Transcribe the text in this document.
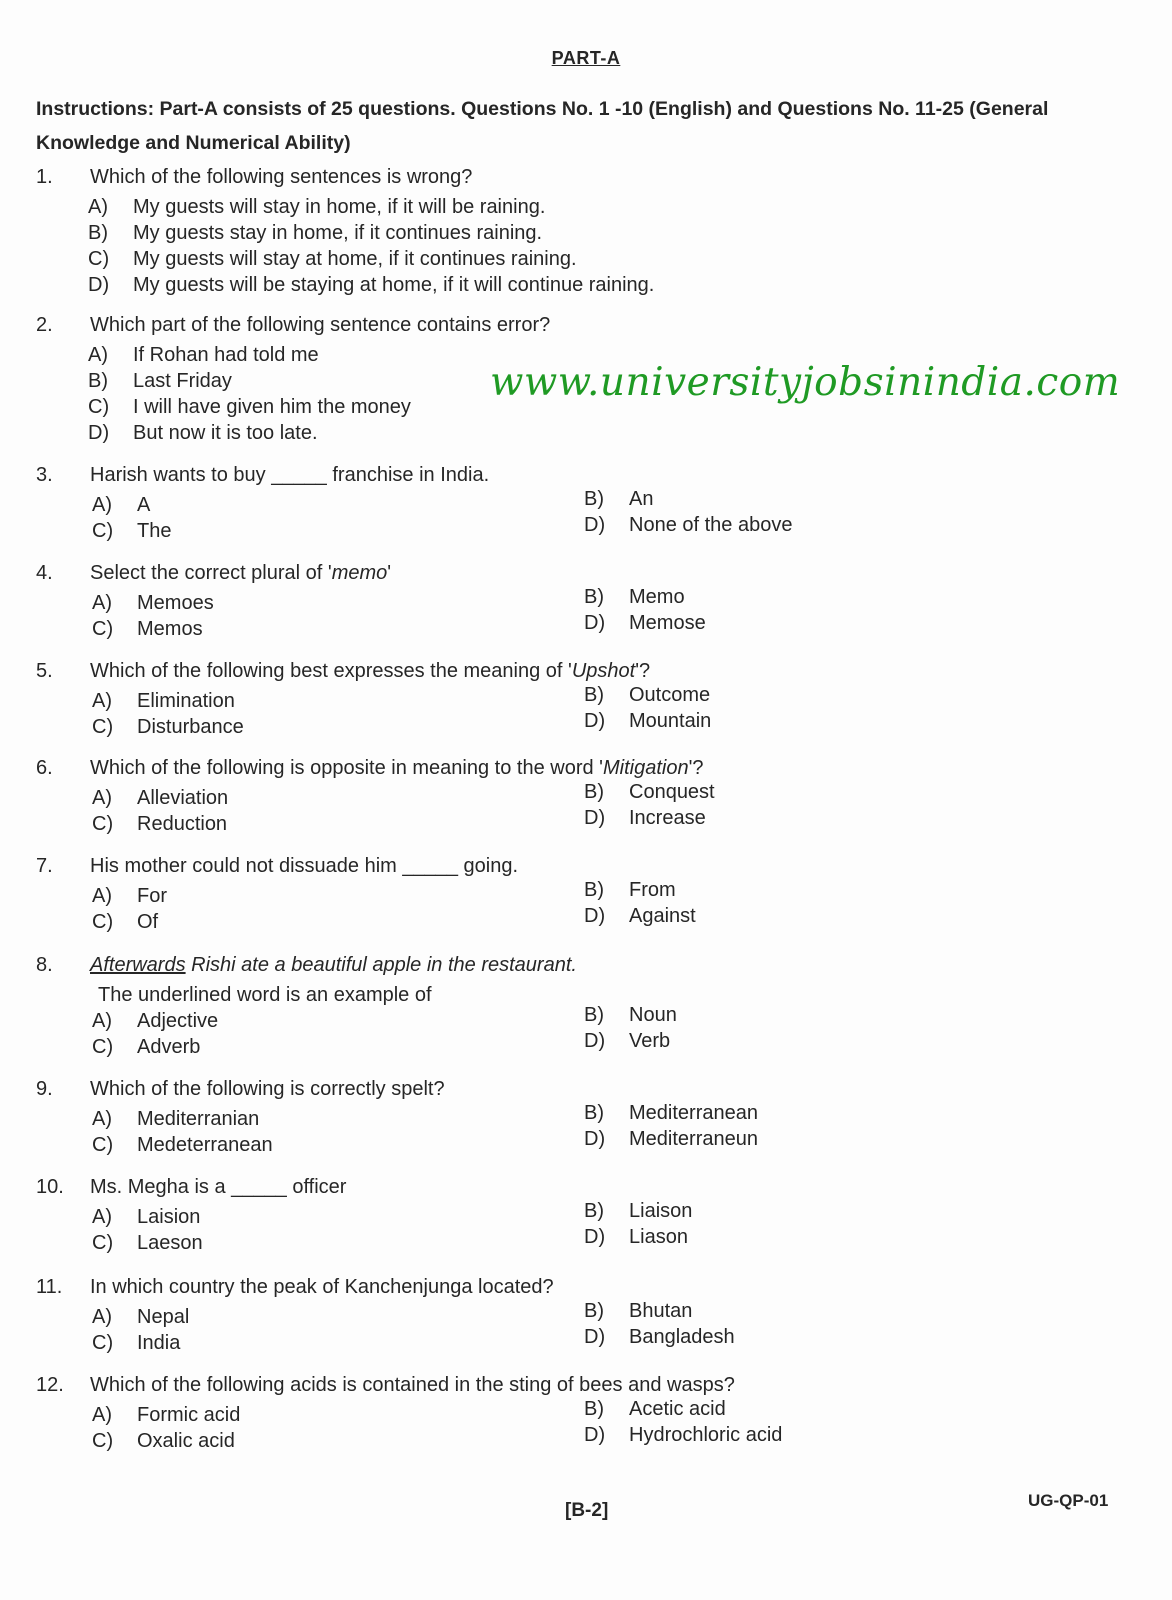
PART-A
Instructions: Part-A consists of 25 questions. Questions No. 1 -10 (English) and Questions No. 11-25 (General Knowledge and Numerical Ability)
www.universityjobsinindia.com
1. Which of the following sentences is wrong?
A) My guests will stay in home, if it will be raining.
B) My guests stay in home, if it continues raining.
C) My guests will stay at home, if it continues raining.
D) My guests will be staying at home, if it will continue raining.
2. Which part of the following sentence contains error?
A) If Rohan had told me
B) Last Friday
C) I will have given him the money
D) But now it is too late.
3. Harish wants to buy _____ franchise in India.
A) A	B) An
C) The	D) None of the above
4. Select the correct plural of 'memo'
A) Memoes	B) Memo
C) Memos	D) Memose
5. Which of the following best expresses the meaning of 'Upshot'?
A) Elimination	B) Outcome
C) Disturbance	D) Mountain
6. Which of the following is opposite in meaning to the word 'Mitigation'?
A) Alleviation	B) Conquest
C) Reduction	D) Increase
7. His mother could not dissuade him _____ going.
A) For	B) From
C) Of	D) Against
8. Afterwards Rishi ate a beautiful apple in the restaurant.
The underlined word is an example of
A) Adjective	B) Noun
C) Adverb	D) Verb
9. Which of the following is correctly spelt?
A) Mediterranian	B) Mediterranean
C) Medeterranean	D) Mediterraneun
10. Ms. Megha is a _____ officer
A) Laision	B) Liaison
C) Laeson	D) Liason
11. In which country the peak of Kanchenjunga located?
A) Nepal	B) Bhutan
C) India	D) Bangladesh
12. Which of the following acids is contained in the sting of bees and wasps?
A) Formic acid	B) Acetic acid
C) Oxalic acid	D) Hydrochloric acid
[B-2]	UG-QP-01
